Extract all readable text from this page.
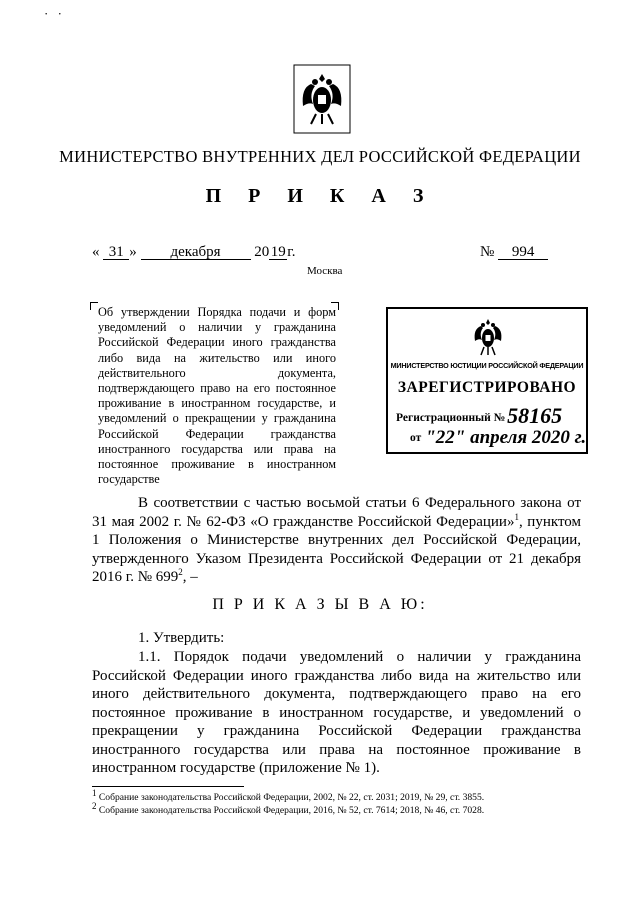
· ·
МИНИСТЕРСТВО ВНУТРЕННИХ ДЕЛ РОССИЙСКОЙ ФЕДЕРАЦИИ
П Р И К А З
« 31 » декабря 20 19 г.
Москва
№ 994
Об утверждении Порядка подачи и форм уведомлений о наличии у гражданина Российской Федерации иного гражданства либо вида на жительство или иного действительного документа, подтверждающего право на его постоянное проживание в иностранном государстве, и уведомлений о прекращении у гражданина Российской Федерации гражданства иностранного государства или права на постоянное проживание в иностранном государстве
МИНИСТЕРСТВО ЮСТИЦИИ РОССИЙСКОЙ ФЕДЕРАЦИИ
ЗАРЕГИСТРИРОВАНО
Регистрационный №58165
от "22" апреля 2020 г.
В соответствии с частью восьмой статьи 6 Федерального закона от 31 мая 2002 г. № 62-ФЗ «О гражданстве Российской Федерации»$^1$, пунктом 1 Положения о Министерстве внутренних дел Российской Федерации, утвержденного Указом Президента Российской Федерации от 21 декабря 2016 г. № $699^2$, –
П Р И К А З Ы В А Ю:
1. Утвердить:
1.1. Порядок подачи уведомлений о наличии у гражданина Российской Федерации иного гражданства либо вида на жительство или иного действительного документа, подтверждающего право на его постоянное проживание в иностранном государстве, и уведомлений о прекращении у гражданина Российской Федерации гражданства иностранного государства или права на постоянное проживание в иностранном государстве (приложение № 1).
$^1$ Собрание законодательства Российской Федерации, 2002, № 22, ст. 2031; 2019, № 29, ст. 3855.
$^2$ Собрание законодательства Российской Федерации, 2016, № 52, ст. 7614; 2018, № 46, ст. 7028.
